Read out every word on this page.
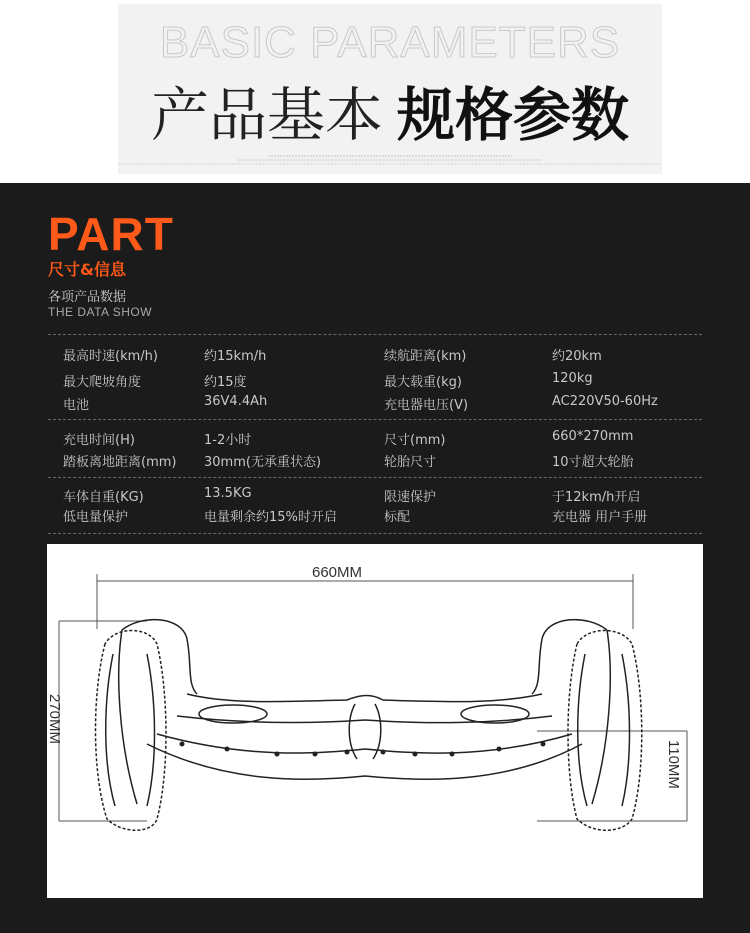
BASIC PARAMETERS
产品基本 规格参数
PART
尺寸&信息
各项产品数据
THE DATA SHOW
最高时速(km/h)	约15km/h	续航距离(km)	约20km
最大爬坡角度	约15度	最大载重(kg)	120kg
电池	36V4.4Ah	充电器电压(V)	AC220V50-60Hz
充电时间(H)	1-2小时	尺寸(mm)	660*270mm
踏板离地距离(mm) 30mm(无承重状态)	轮胎尺寸	10寸超大轮胎
车体自重(KG)	13.5KG	限速保护	于12km/h开启
低电量保护	电量剩余约15%时开启	标配	充电器 用户手册
660MM
270MM
110MM
